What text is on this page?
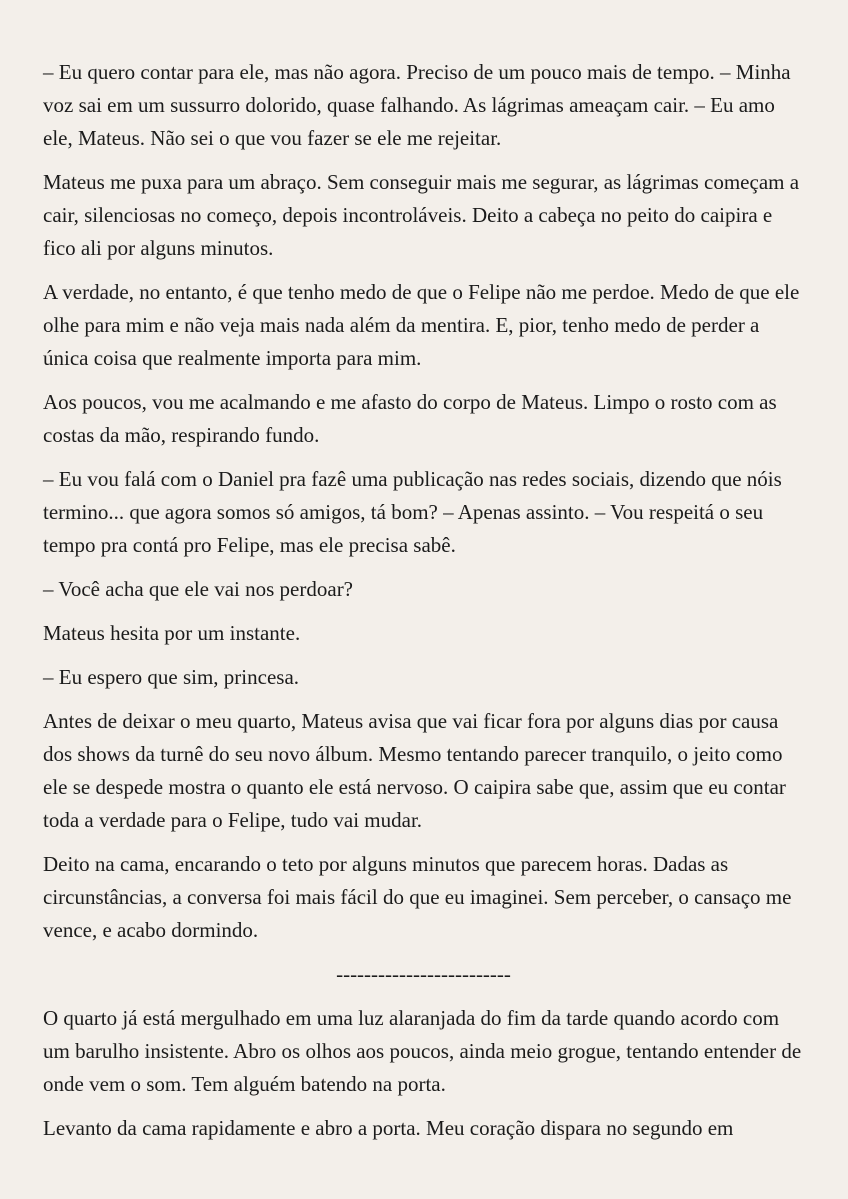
– Eu quero contar para ele, mas não agora. Preciso de um pouco mais de tempo. – Minha voz sai em um sussurro dolorido, quase falhando. As lágrimas ameaçam cair. – Eu amo ele, Mateus. Não sei o que vou fazer se ele me rejeitar.

Mateus me puxa para um abraço. Sem conseguir mais me segurar, as lágrimas começam a cair, silenciosas no começo, depois incontroláveis. Deito a cabeça no peito do caipira e fico ali por alguns minutos.

A verdade, no entanto, é que tenho medo de que o Felipe não me perdoe. Medo de que ele olhe para mim e não veja mais nada além da mentira. E, pior, tenho medo de perder a única coisa que realmente importa para mim.

Aos poucos, vou me acalmando e me afasto do corpo de Mateus. Limpo o rosto com as costas da mão, respirando fundo.

– Eu vou falá com o Daniel pra fazê uma publicação nas redes sociais, dizendo que nóis termino... que agora somos só amigos, tá bom? – Apenas assinto. – Vou respeitá o seu tempo pra contá pro Felipe, mas ele precisa sabê.

– Você acha que ele vai nos perdoar?

Mateus hesita por um instante.

– Eu espero que sim, princesa.

Antes de deixar o meu quarto, Mateus avisa que vai ficar fora por alguns dias por causa dos shows da turnê do seu novo álbum. Mesmo tentando parecer tranquilo, o jeito como ele se despede mostra o quanto ele está nervoso. O caipira sabe que, assim que eu contar toda a verdade para o Felipe, tudo vai mudar.

Deito na cama, encarando o teto por alguns minutos que parecem horas. Dadas as circunstâncias, a conversa foi mais fácil do que eu imaginei. Sem perceber, o cansaço me vence, e acabo dormindo.

-------------------------

O quarto já está mergulhado em uma luz alaranjada do fim da tarde quando acordo com um barulho insistente. Abro os olhos aos poucos, ainda meio grogue, tentando entender de onde vem o som. Tem alguém batendo na porta.

Levanto da cama rapidamente e abro a porta. Meu coração dispara no segundo em
